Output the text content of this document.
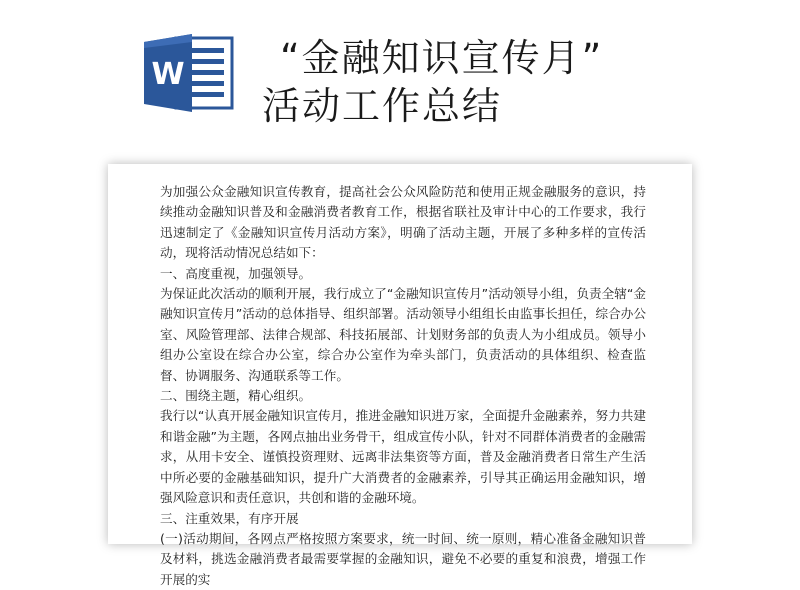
W	“金融知识宣传月”
活动工作总结

为加强公众金融知识宣传教育，提高社会公众风险防范和使用正规金融服务的意识，持续推动金融知识普及和金融消费者教育工作，根据省联社及审计中心的工作要求，我行迅速制定了《金融知识宣传月活动方案》，明确了活动主题，开展了多种多样的宣传活动，现将活动情况总结如下：

一、高度重视，加强领导。

为保证此次活动的顺利开展，我行成立了“金融知识宣传月”活动领导小组，负责全辖“金融知识宣传月”活动的总体指导、组织部署。活动领导小组组长由监事长担任，综合办公室、风险管理部、法律合规部、科技拓展部、计划财务部的负责人为小组成员。领导小组办公室设在综合办公室，综合办公室作为牵头部门，负责活动的具体组织、检查监督、协调服务、沟通联系等工作。

二、围绕主题，精心组织。

我行以“认真开展金融知识宣传月，推进金融知识进万家，全面提升金融素养，努力共建和谐金融”为主题，各网点抽出业务骨干，组成宣传小队，针对不同群体消费者的金融需求，从用卡安全、谨慎投资理财、远离非法集资等方面，普及金融消费者日常生产生活中所必要的金融基础知识，提升广大消费者的金融素养，引导其正确运用金融知识，增强风险意识和责任意识，共创和谐的金融环境。

三、注重效果，有序开展

(一)活动期间，各网点严格按照方案要求，统一时间、统一原则，精心准备金融知识普及材料，挑选金融消费者最需要掌握的金融知识，避免不必要的重复和浪费，增强工作开展的实
